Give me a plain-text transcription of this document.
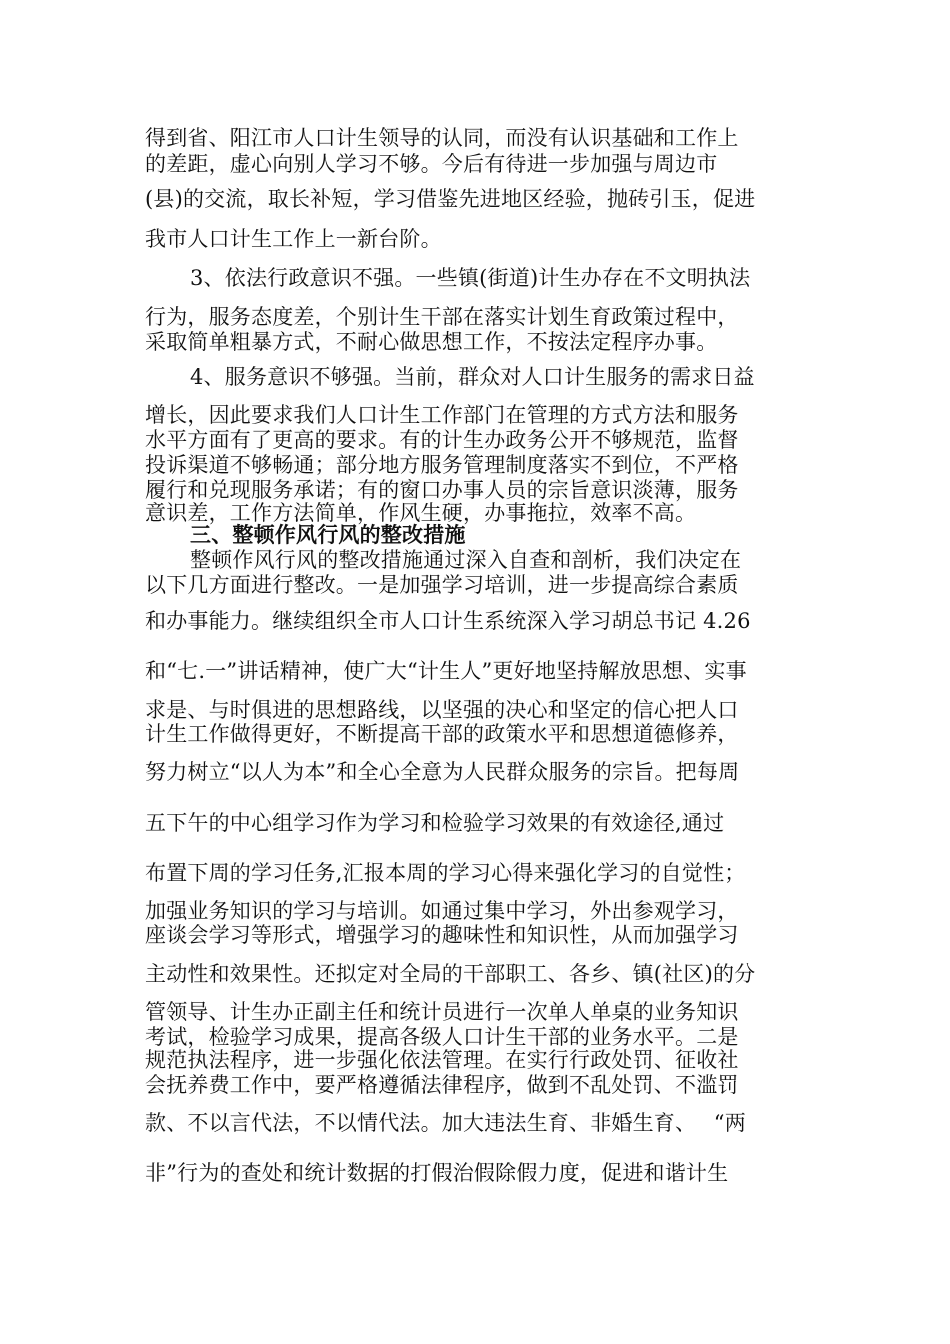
得到省、阳江市人口计生领导的认同，而没有认识基础和工作上
的差距，虚心向别人学习不够。今后有待进一步加强与周边市
(县)的交流，取长补短，学习借鉴先进地区经验，抛砖引玉，促进
我市人口计生工作上一新台阶。
3、依法行政意识不强。一些镇(街道)计生办存在不文明执法
行为，服务态度差，个别计生干部在落实计划生育政策过程中，
采取简单粗暴方式，不耐心做思想工作，不按法定程序办事。
4、服务意识不够强。当前，群众对人口计生服务的需求日益
增长，因此要求我们人口计生工作部门在管理的方式方法和服务
水平方面有了更高的要求。有的计生办政务公开不够规范，监督
投诉渠道不够畅通；部分地方服务管理制度落实不到位，不严格
履行和兑现服务承诺；有的窗口办事人员的宗旨意识淡薄，服务
意识差，工作方法简单，作风生硬，办事拖拉，效率不高。
三、整顿作风行风的整改措施
整顿作风行风的整改措施通过深入自查和剖析，我们决定在
以下几方面进行整改。一是加强学习培训，进一步提高综合素质
和办事能力。继续组织全市人口计生系统深入学习胡总书记 4.26
和“七.一”讲话精神，使广大“计生人”更好地坚持解放思想、实事
求是、与时俱进的思想路线，以坚强的决心和坚定的信心把人口
计生工作做得更好，不断提高干部的政策水平和思想道德修养，
努力树立“以人为本”和全心全意为人民群众服务的宗旨。把每周
五下午的中心组学习作为学习和检验学习效果的有效途径,通过
布置下周的学习任务,汇报本周的学习心得来强化学习的自觉性；
加强业务知识的学习与培训。如通过集中学习，外出参观学习，
座谈会学习等形式，增强学习的趣味性和知识性，从而加强学习
主动性和效果性。还拟定对全局的干部职工、各乡、镇(社区)的分
管领导、计生办正副主任和统计员进行一次单人单桌的业务知识
考试，检验学习成果，提高各级人口计生干部的业务水平。二是
规范执法程序，进一步强化依法管理。在实行行政处罚、征收社
会抚养费工作中，要严格遵循法律程序，做到不乱处罚、不滥罚
款、不以言代法，不以情代法。加大违法生育、非婚生育、　 “两
非”行为的查处和统计数据的打假治假除假力度，促进和谐计生
